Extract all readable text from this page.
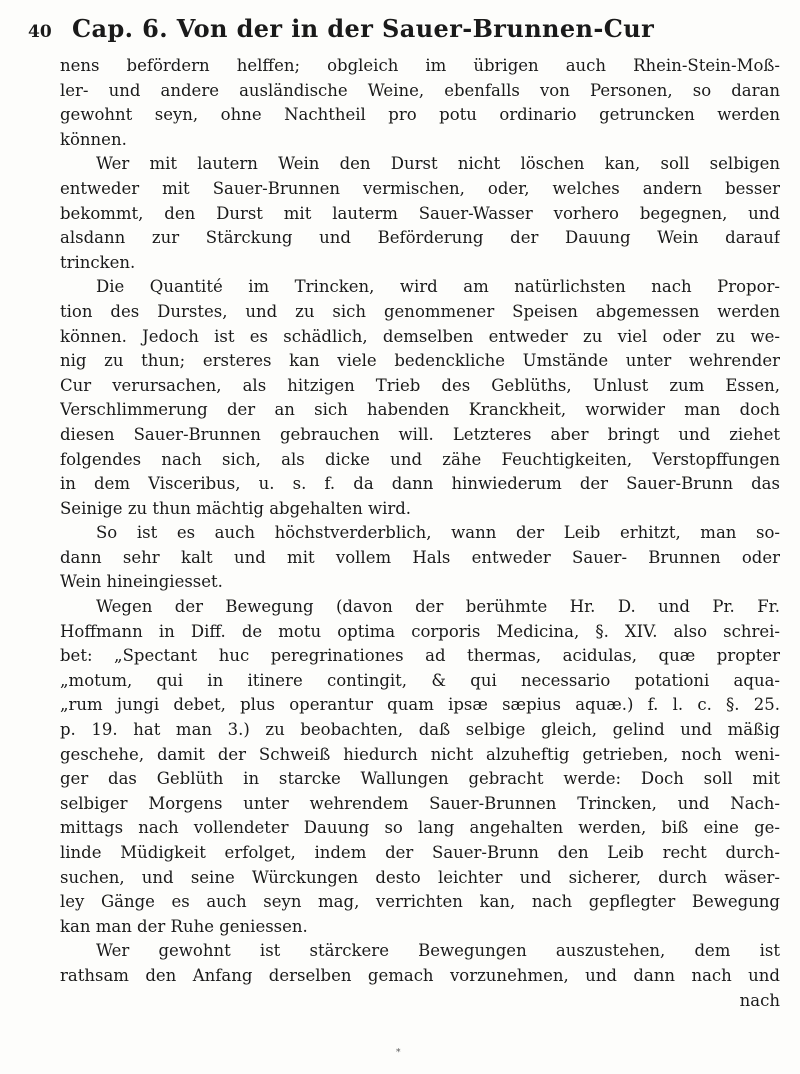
40 Cap. 6. Von der in der Sauer-Brunnen-Cur
nens befördern helffen; obgleich im übrigen auch Rhein-Stein-Moß-
ler- und andere ausländische Weine, ebenfalls von Personen, so daran
gewohnt seyn, ohne Nachtheil pro potu ordinario getruncken werden
können.
Wer mit lautern Wein den Durst nicht löschen kan, soll selbigen
entweder mit Sauer-Brunnen vermischen, oder, welches andern besser
bekommt, den Durst mit lauterm Sauer-Wasser vorhero begegnen, und
alsdann zur Stärckung und Beförderung der Dauung Wein darauf
trincken.
Die Quantité im Trincken, wird am natürlichsten nach Propor-
tion des Durstes, und zu sich genommener Speisen abgemessen werden
können. Jedoch ist es schädlich, demselben entweder zu viel oder zu we-
nig zu thun; ersteres kan viele bedenckliche Umstände unter wehrender
Cur verursachen, als hitzigen Trieb des Geblüths, Unlust zum Essen,
Verschlimmerung der an sich habenden Kranckheit, worwider man doch
diesen Sauer-Brunnen gebrauchen will. Letzteres aber bringt und ziehet
folgendes nach sich, als dicke und zähe Feuchtigkeiten, Verstopffungen
in dem Visceribus, u. s. f. da dann hinwiederum der Sauer-Brunn das
Seinige zu thun mächtig abgehalten wird.
So ist es auch höchstverderblich, wann der Leib erhitzt, man so-
dann sehr kalt und mit vollem Hals entweder Sauer- Brunnen oder
Wein hineingiesset.
Wegen der Bewegung (davon der berühmte Hr. D. und Pr. Fr.
Hoffmann in Diff. de motu optima corporis Medicina, §. XIV. also schrei-
bet: „Spectant huc peregrinationes ad thermas, acidulas, quæ propter
„motum, qui in itinere contingit, & qui necessario potationi aqua-
„rum jungi debet, plus operantur quam ipsæ sæpius aquæ.) f. l. c. §. 25.
p. 19. hat man 3.) zu beobachten, daß selbige gleich, gelind und mäßig
geschehe, damit der Schweiß hiedurch nicht alzuheftig getrieben, noch weni-
ger das Geblüth in starcke Wallungen gebracht werde: Doch soll mit
selbiger Morgens unter wehrendem Sauer-Brunnen Trincken, und Nach-
mittags nach vollendeter Dauung so lang angehalten werden, biß eine ge-
linde Müdigkeit erfolget, indem der Sauer-Brunn den Leib recht durch-
suchen, und seine Würckungen desto leichter und sicherer, durch wäser-
ley Gänge es auch seyn mag, verrichten kan, nach gepflegter Bewegung
kan man der Ruhe geniessen.
Wer gewohnt ist stärckere Bewegungen auszustehen, dem ist
rathsam den Anfang derselben gemach vorzunehmen, und dann nach und
nach
*
